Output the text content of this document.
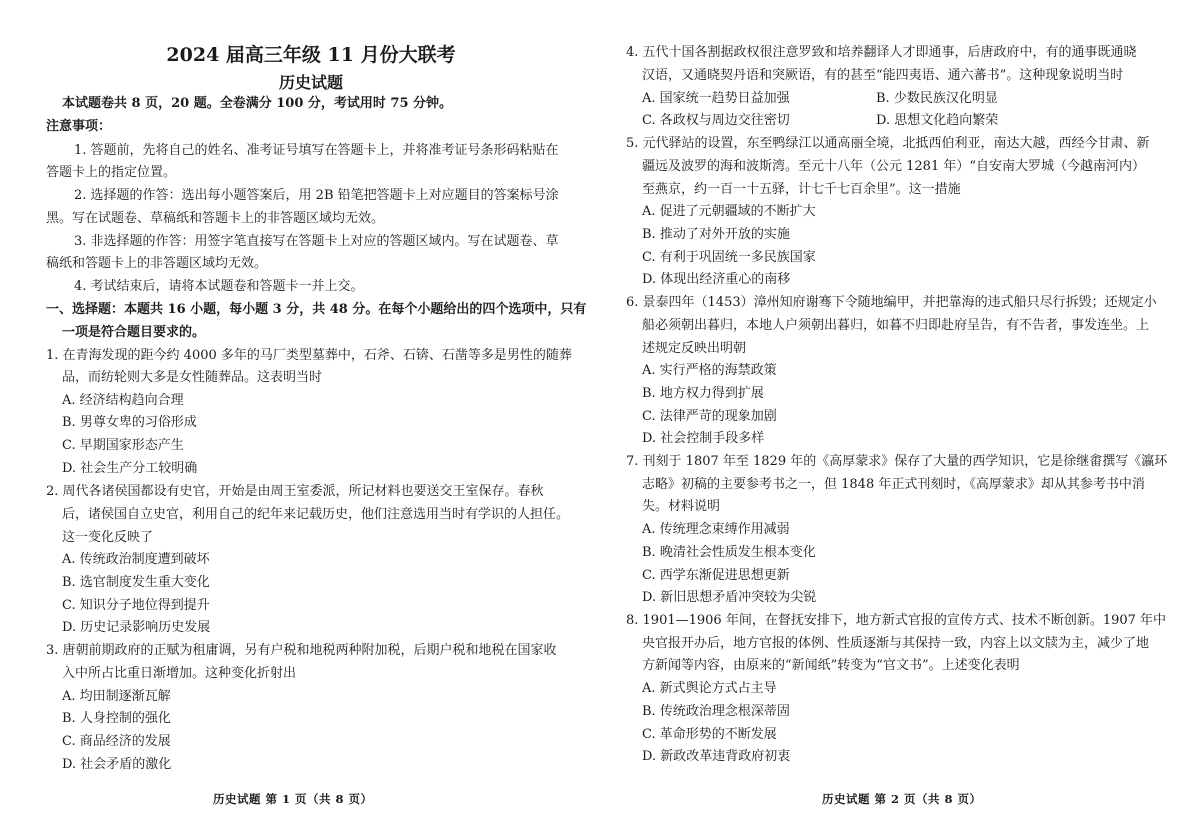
2024 届高三年级 11 月份大联考
历史试题
本试题卷共 8 页，20 题。全卷满分 100 分，考试用时 75 分钟。
注意事项：
1. 答题前，先将自己的姓名、准考证号填写在答题卡上，并将准考证号条形码粘贴在
答题卡上的指定位置。
2. 选择题的作答：选出每小题答案后，用 2B 铅笔把答题卡上对应题目的答案标号涂
黑。写在试题卷、草稿纸和答题卡上的非答题区域均无效。
3. 非选择题的作答：用签字笔直接写在答题卡上对应的答题区域内。写在试题卷、草
稿纸和答题卡上的非答题区域均无效。
4. 考试结束后，请将本试题卷和答题卡一并上交。
一、选择题：本题共 16 小题，每小题 3 分，共 48 分。在每个小题给出的四个选项中，只有
一项是符合题目要求的。
1. 在青海发现的距今约 4000 多年的马厂类型墓葬中，石斧、石锛、石凿等多是男性的随葬
品，而纺轮则大多是女性随葬品。这表明当时
A. 经济结构趋向合理
B. 男尊女卑的习俗形成
C. 早期国家形态产生
D. 社会生产分工较明确
2. 周代各诸侯国都设有史官，开始是由周王室委派，所记材料也要送交王室保存。春秋
后，诸侯国自立史官，利用自己的纪年来记载历史，他们注意选用当时有学识的人担任。
这一变化反映了
A. 传统政治制度遭到破坏
B. 选官制度发生重大变化
C. 知识分子地位得到提升
D. 历史记录影响历史发展
3. 唐朝前期政府的正赋为租庸调，另有户税和地税两种附加税，后期户税和地税在国家收
入中所占比重日渐增加。这种变化折射出
A. 均田制逐渐瓦解
B. 人身控制的强化
C. 商品经济的发展
D. 社会矛盾的激化
历史试题 第 1 页（共 8 页）
4. 五代十国各割据政权很注意罗致和培养翻译人才即通事，后唐政府中，有的通事既通晓
汉语，又通晓契丹语和突厥语，有的甚至“能四夷语、通六蕃书”。这种现象说明当时
A. 国家统一趋势日益加强	B. 少数民族汉化明显
C. 各政权与周边交往密切	D. 思想文化趋向繁荣
5. 元代驿站的设置，东至鸭绿江以通高丽全境，北抵西伯利亚，南达大越，西经今甘肃、新
疆远及波罗的海和波斯湾。至元十八年（公元 1281 年）“自安南大罗城（今越南河内）
至燕京，约一百一十五驿，计七千七百余里”。这一措施
A. 促进了元朝疆域的不断扩大
B. 推动了对外开放的实施
C. 有利于巩固统一多民族国家
D. 体现出经济重心的南移
6. 景泰四年（1453）漳州知府谢骞下令随地编甲，并把靠海的违式船只尽行拆毁；还规定小
船必须朝出暮归，本地人户须朝出暮归，如暮不归即赴府呈告，有不告者，事发连坐。上
述规定反映出明朝
A. 实行严格的海禁政策
B. 地方权力得到扩展
C. 法律严苛的现象加剧
D. 社会控制手段多样
7. 刊刻于 1807 年至 1829 年的《高厚蒙求》保存了大量的西学知识，它是徐继畬撰写《瀛环
志略》初稿的主要参考书之一，但 1848 年正式刊刻时，《高厚蒙求》却从其参考书中消
失。材料说明
A. 传统理念束缚作用减弱
B. 晚清社会性质发生根本变化
C. 西学东渐促进思想更新
D. 新旧思想矛盾冲突较为尖锐
8. 1901—1906 年间，在督抚安排下，地方新式官报的宣传方式、技术不断创新。1907 年中
央官报开办后，地方官报的体例、性质逐渐与其保持一致，内容上以文牍为主，减少了地
方新闻等内容，由原来的“新闻纸”转变为“官文书”。上述变化表明
A. 新式舆论方式占主导
B. 传统政治理念根深蒂固
C. 革命形势的不断发展
D. 新政改革违背政府初衷
历史试题 第 2 页（共 8 页）
